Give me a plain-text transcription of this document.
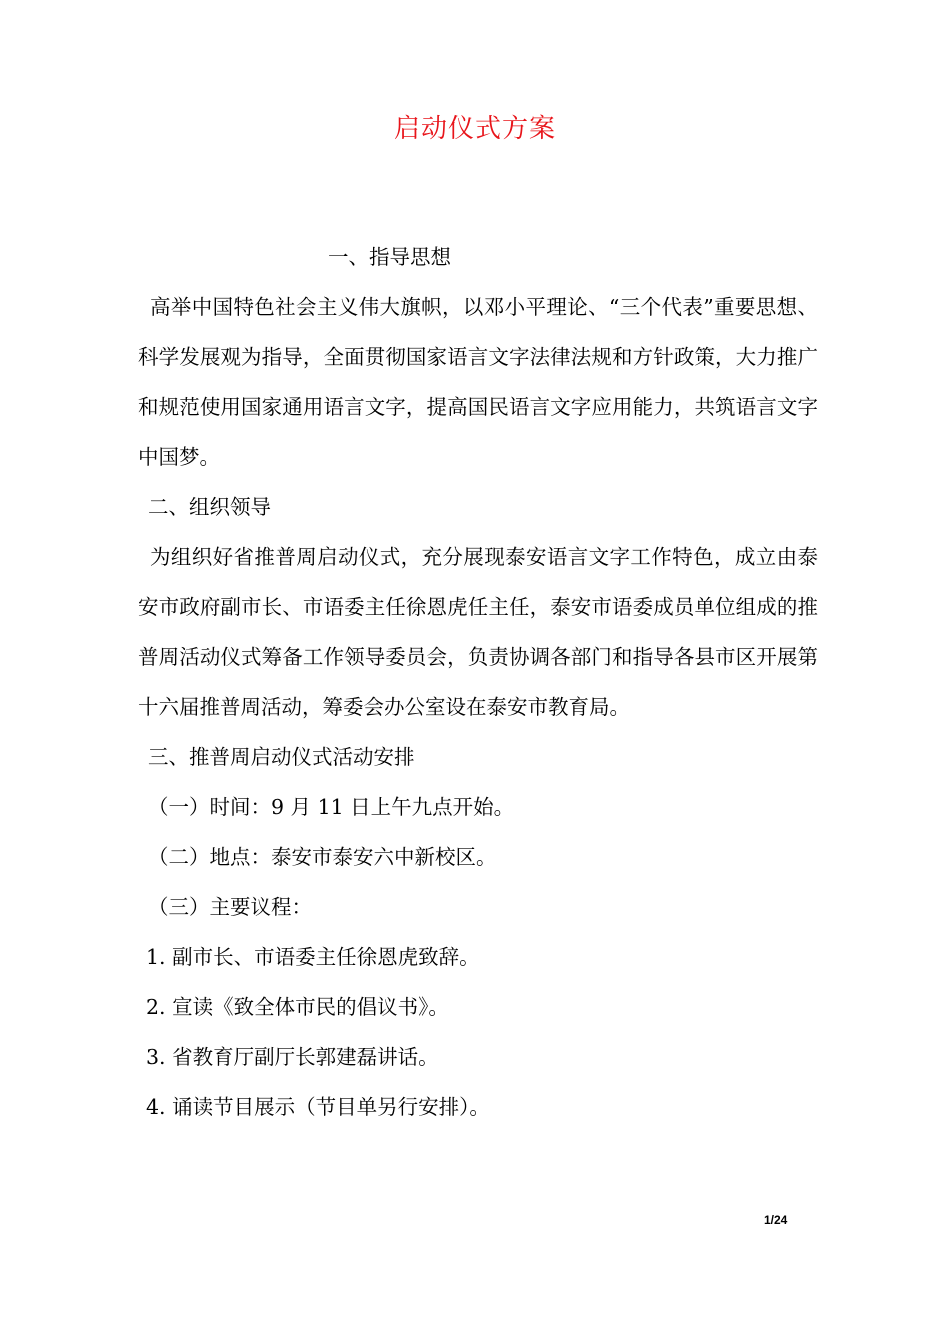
启动仪式方案

一、指导思想

高举中国特色社会主义伟大旗帜，以邓小平理论、“三个代表”重要思想、科学发展观为指导，全面贯彻国家语言文字法律法规和方针政策，大力推广和规范使用国家通用语言文字，提高国民语言文字应用能力，共筑语言文字中国梦。

二、组织领导

为组织好省推普周启动仪式，充分展现泰安语言文字工作特色，成立由泰安市政府副市长、市语委主任徐恩虎任主任，泰安市语委成员单位组成的推普周活动仪式筹备工作领导委员会，负责协调各部门和指导各县市区开展第十六届推普周活动，筹委会办公室设在泰安市教育局。

三、推普周启动仪式活动安排

（一）时间：9 月 11 日上午九点开始。

（二）地点：泰安市泰安六中新校区。

（三）主要议程：

1. 副市长、市语委主任徐恩虎致辞。

2. 宣读《致全体市民的倡议书》。

3. 省教育厅副厅长郭建磊讲话。

4. 诵读节目展示（节目单另行安排）。

1/24
